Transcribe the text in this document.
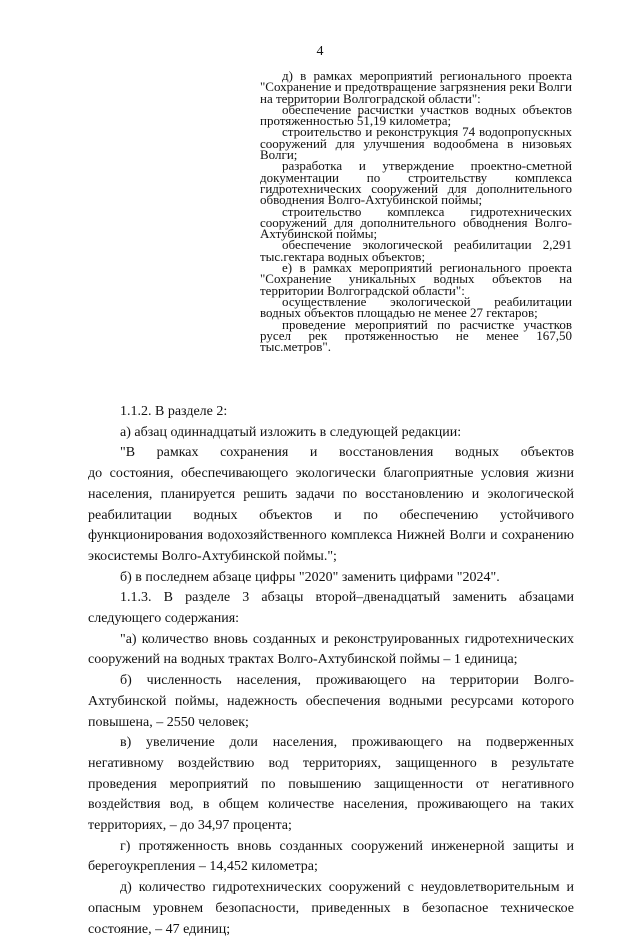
4

д) в рамках мероприятий регионального проекта "Сохранение и предотвращение загрязнения реки Волги на территории Волгоградской области":

обеспечение расчистки участков водных объектов протяженностью 51,19 километра;

строительство и реконструкция 74 водопропускных сооружений для улучшения водообмена в низовьях Волги;

разработка и утверждение проектно-сметной документации по строительству комплекса гидротехнических сооружений для дополнительного обводнения Волго-Ахтубинской поймы;

строительство комплекса гидротехнических сооружений для дополнительного обводнения Волго-Ахтубинской поймы;

обеспечение экологической реабилитации 2,291 тыс.гектара водных объектов;

е) в рамках мероприятий регионального проекта "Сохранение уникальных водных объектов на территории Волгоградской области":

осуществление экологической реабилитации водных объектов площадью не менее 27 гектаров;

проведение мероприятий по расчистке участков русел рек протяженностью не менее 167,50 тыс.метров".

1.1.2. В разделе 2:

а) абзац одиннадцатый изложить в следующей редакции:

"В рамках сохранения и восстановления водных объектов

до состояния, обеспечивающего экологически благоприятные условия жизни населения, планируется решить задачи по восстановлению и экологической реабилитации водных объектов и по обеспечению устойчивого функционирования водохозяйственного комплекса Нижней Волги и сохранению экосистемы Волго-Ахтубинской поймы.";

б) в последнем абзаце цифры "2020" заменить цифрами "2024".

1.1.3. В разделе 3 абзацы второй–двенадцатый заменить абзацами следующего содержания:

"а) количество вновь созданных и реконструированных гидротехнических сооружений на водных трактах Волго-Ахтубинской поймы – 1 единица;

б) численность населения, проживающего на территории Волго-Ахтубинской поймы, надежность обеспечения водными ресурсами которого повышена, – 2550 человек;

в) увеличение доли населения, проживающего на подверженных негативному воздействию вод территориях, защищенного в результате проведения мероприятий по повышению защищенности от негативного воздействия вод, в общем количестве населения, проживающего на таких территориях, – до 34,97 процента;

г) протяженность вновь созданных сооружений инженерной защиты и берегоукрепления – 14,452 километра;

д) количество гидротехнических сооружений с неудовлетворительным и опасным уровнем безопасности, приведенных в безопасное техническое состояние, – 47 единиц;
